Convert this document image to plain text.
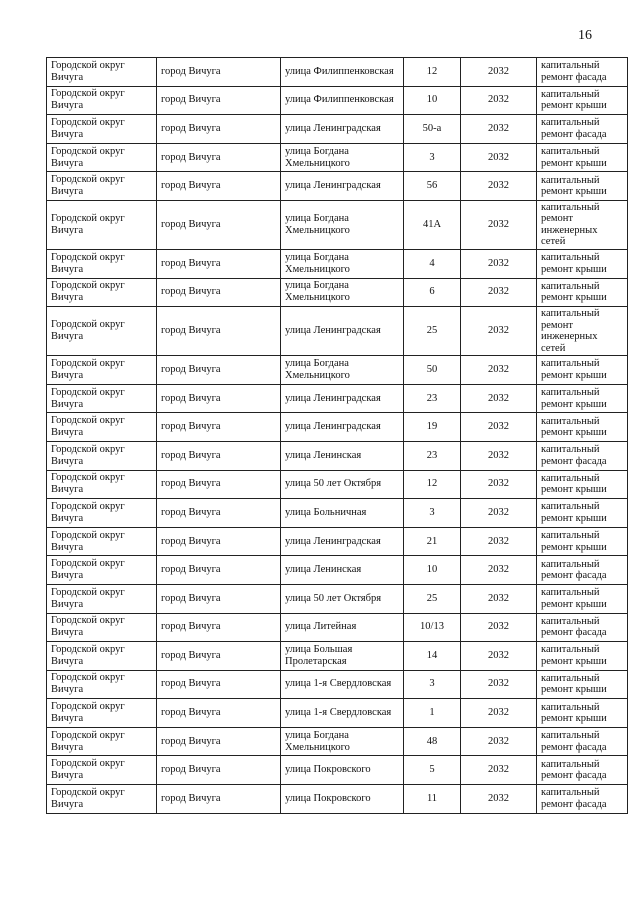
16
Городской округ Вичуга	город Вичуга	улица Филиппенковская	12	2032	капитальный ремонт фасада
Городской округ Вичуга	город Вичуга	улица Филиппенковская	10	2032	капитальный ремонт крыши
Городской округ Вичуга	город Вичуга	улица Ленинградская	50-а	2032	капитальный ремонт фасада
Городской округ Вичуга	город Вичуга	улица Богдана Хмельницкого	3	2032	капитальный ремонт крыши
Городской округ Вичуга	город Вичуга	улица Ленинградская	56	2032	капитальный ремонт крыши
Городской округ Вичуга	город Вичуга	улица Богдана Хмельницкого	41А	2032	капитальный ремонт инженерных сетей
Городской округ Вичуга	город Вичуга	улица Богдана Хмельницкого	4	2032	капитальный ремонт крыши
Городской округ Вичуга	город Вичуга	улица Богдана Хмельницкого	6	2032	капитальный ремонт крыши
Городской округ Вичуга	город Вичуга	улица Ленинградская	25	2032	капитальный ремонт инженерных сетей
Городской округ Вичуга	город Вичуга	улица Богдана Хмельницкого	50	2032	капитальный ремонт крыши
Городской округ Вичуга	город Вичуга	улица Ленинградская	23	2032	капитальный ремонт крыши
Городской округ Вичуга	город Вичуга	улица Ленинградская	19	2032	капитальный ремонт крыши
Городской округ Вичуга	город Вичуга	улица Ленинская	23	2032	капитальный ремонт фасада
Городской округ Вичуга	город Вичуга	улица 50 лет Октября	12	2032	капитальный ремонт крыши
Городской округ Вичуга	город Вичуга	улица Больничная	3	2032	капитальный ремонт крыши
Городской округ Вичуга	город Вичуга	улица Ленинградская	21	2032	капитальный ремонт крыши
Городской округ Вичуга	город Вичуга	улица Ленинская	10	2032	капитальный ремонт фасада
Городской округ Вичуга	город Вичуга	улица 50 лет Октября	25	2032	капитальный ремонт крыши
Городской округ Вичуга	город Вичуга	улица Литейная	10/13	2032	капитальный ремонт фасада
Городской округ Вичуга	город Вичуга	улица Большая Пролетарская	14	2032	капитальный ремонт крыши
Городской округ Вичуга	город Вичуга	улица 1-я Свердловская	3	2032	капитальный ремонт крыши
Городской округ Вичуга	город Вичуга	улица 1-я Свердловская	1	2032	капитальный ремонт крыши
Городской округ Вичуга	город Вичуга	улица Богдана Хмельницкого	48	2032	капитальный ремонт фасада
Городской округ Вичуга	город Вичуга	улица Покровского	5	2032	капитальный ремонт фасада
Городской округ Вичуга	город Вичуга	улица Покровского	11	2032	капитальный ремонт фасада
